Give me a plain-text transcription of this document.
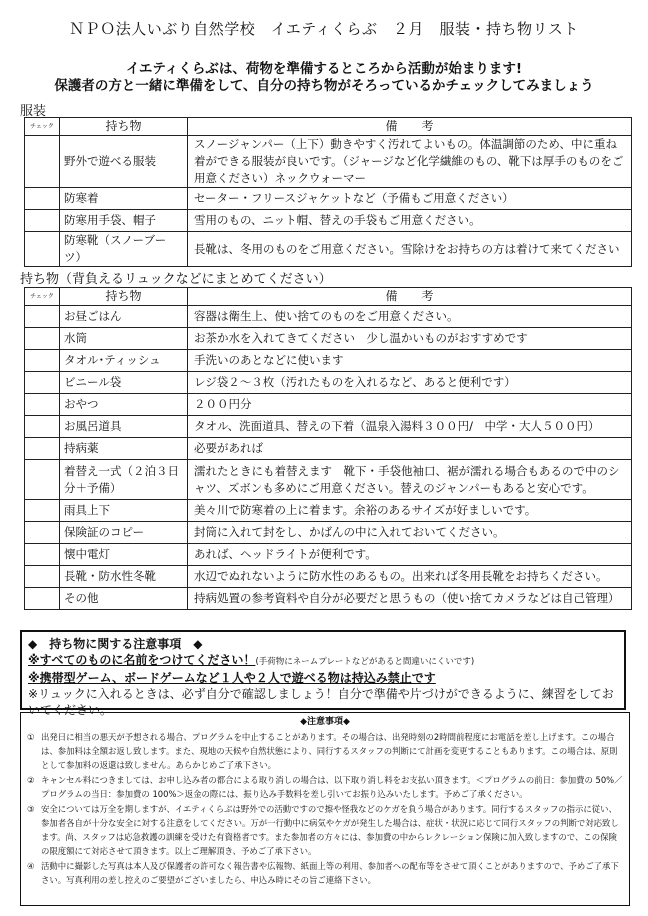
ＮＰＯ法人いぶり自然学校　イエティくらぶ　２月　服装・持ち物リスト
イエティくらぶは、荷物を準備するところから活動が始まります!
保護者の方と一緒に準備をして、自分の持ち物がそろっているかチェックしてみましょう
服装
チェック	持ち物	備　　考
	野外で遊べる服装	スノージャンパー（上下）動きやすく汚れてよいもの。体温調節のため、中に重ね着ができる服装が良いです。（ジャージなど化学繊維のもの、靴下は厚手のものをご用意ください）ネックウォーマー
	防寒着	セーター・フリースジャケットなど（予備もご用意ください）
	防寒用手袋、帽子	雪用のもの、ニット帽、替えの手袋もご用意ください。
	防寒靴（スノーブーツ）	長靴は、冬用のものをご用意ください。雪除けをお持ちの方は着けて来てください
持ち物（背負えるリュックなどにまとめてください）
チェック	持ち物	備　　考
	お昼ごはん	容器は衛生上、使い捨てのものをご用意ください。
	水筒	お茶か水を入れてきてください　少し温かいものがおすすめです
	タオル･ティッシュ	手洗いのあとなどに使います
	ビニール袋	レジ袋２～３枚（汚れたものを入れるなど、あると便利です）
	おやつ	２００円分
	お風呂道具	タオル、洗面道具、替えの下着（温泉入湯料３００円/　中学・大人５００円）
	持病薬	必要があれば
	着替え一式（２泊３日分＋予備）	濡れたときにも着替えます　靴下・手袋他袖口、裾が濡れる場合もあるので中のシャツ、ズボンも多めにご用意ください。替えのジャンパーもあると安心です。
	雨具上下	美々川で防寒着の上に着ます。余裕のあるサイズが好ましいです。
	保険証のコピー	封筒に入れて封をし、かばんの中に入れておいてください。
	懐中電灯	あれば、ヘッドライトが便利です。
	長靴・防水性冬靴	水辺でぬれないように防水性のあるもの。出来れば冬用長靴をお持ちください。
	その他	持病処置の参考資料や自分が必要だと思うもの（使い捨てカメラなどは自己管理）
◆　持ち物に関する注意事項　◆
※すべてのものに名前をつけてください！(手荷物にネームプレートなどがあると間違いにくいです)
※携帯型ゲーム、ボードゲームなど１人や２人で遊べる物は持込み禁止です
※リュックに入れるときは、必ず自分で確認しましょう！自分で準備や片づけができるように、練習をしておいてください。
◆注意事項◆
① 出発日に相当の悪天が予想される場合、プログラムを中止することがあります。その場合は、出発時刻の2時間前程度にお電話を差し上げます。この場合は、参加料は全額お返し致します。また、現地の天候や自然状態により、同行するスタッフの判断にて計画を変更することもあります。この場合は、原則として参加料の返還は致しません。あらかじめご了承下さい。
② キャンセル料につきましては、お申し込み者の都合による取り消しの場合は、以下取り消し料をお支払い頂きます。＜プログラムの前日：参加費の 50%／プログラムの当日：参加費の 100%＞返金の際には、振り込み手数料を差し引いてお振り込みいたします。予めご了承ください。
③ 安全については万全を期しますが、イエティくらぶは野外での活動ですので擦や怪我などのケガを負う場合があります。同行するスタッフの指示に従い、参加者各自が十分な安全に対する注意をしてください。万が一行動中に病気やケガが発生した場合は、症状・状況に応じて同行スタッフの判断で対応致します。尚、スタッフは応急救護の訓練を受けた有資格者です。また参加者の方々には、参加費の中からレクレーション保険に加入致しますので、この保険の限度額にて対応させて頂きます。以上ご理解頂き、予めご了承下さい。
④ 活動中に撮影した写真は本人及び保護者の許可なく報告書や広報物、紙面上等の利用、参加者への配布等をさせて頂くことがありますので、予めご了承下さい。写真利用の差し控えのご要望がございましたら、申込み時にその旨ご連絡下さい。
